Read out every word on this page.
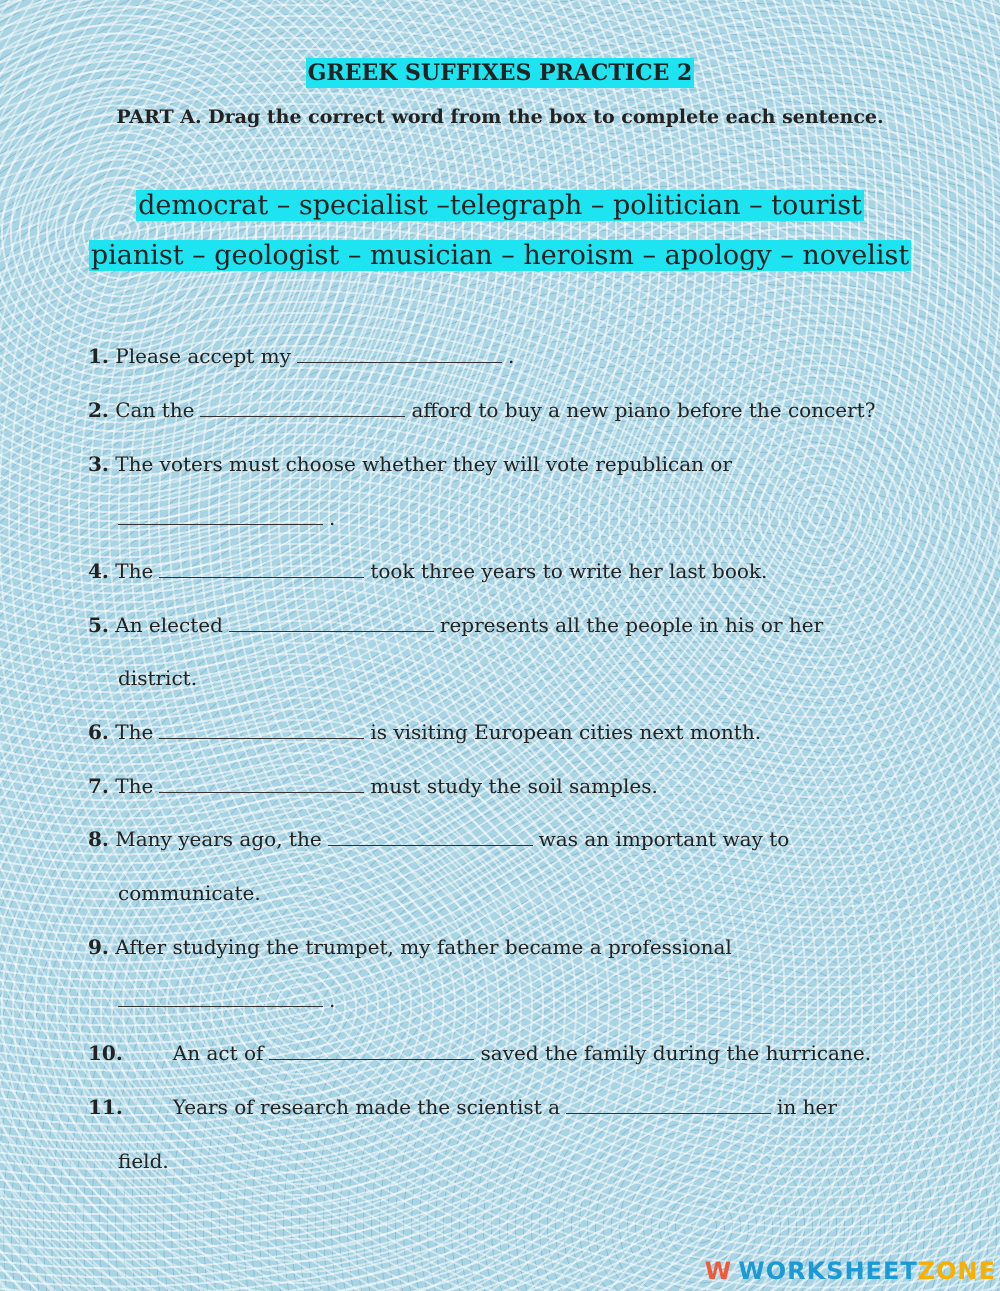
GREEK SUFFIXES PRACTICE 2
PART A. Drag the correct word from the box to complete each sentence.
democrat – specialist –telegraph – politician – tourist
pianist – geologist – musician – heroism – apology – novelist
1. Please accept my	.
2. Can the	afford to buy a new piano before the concert?
3. The voters must choose whether they will vote republican or
.
4. The	took three years to write her last book.
5. An elected	represents all the people in his or her
district.
6. The	is visiting European cities next month.
7. The	must study the soil samples.
8. Many years ago, the	was an important way to
communicate.
9. After studying the trumpet, my father became a professional
.
10.	An act of	saved the family during the hurricane.
11.	Years of research made the scientist a	in her
field.
W WORKSHEETZONE
